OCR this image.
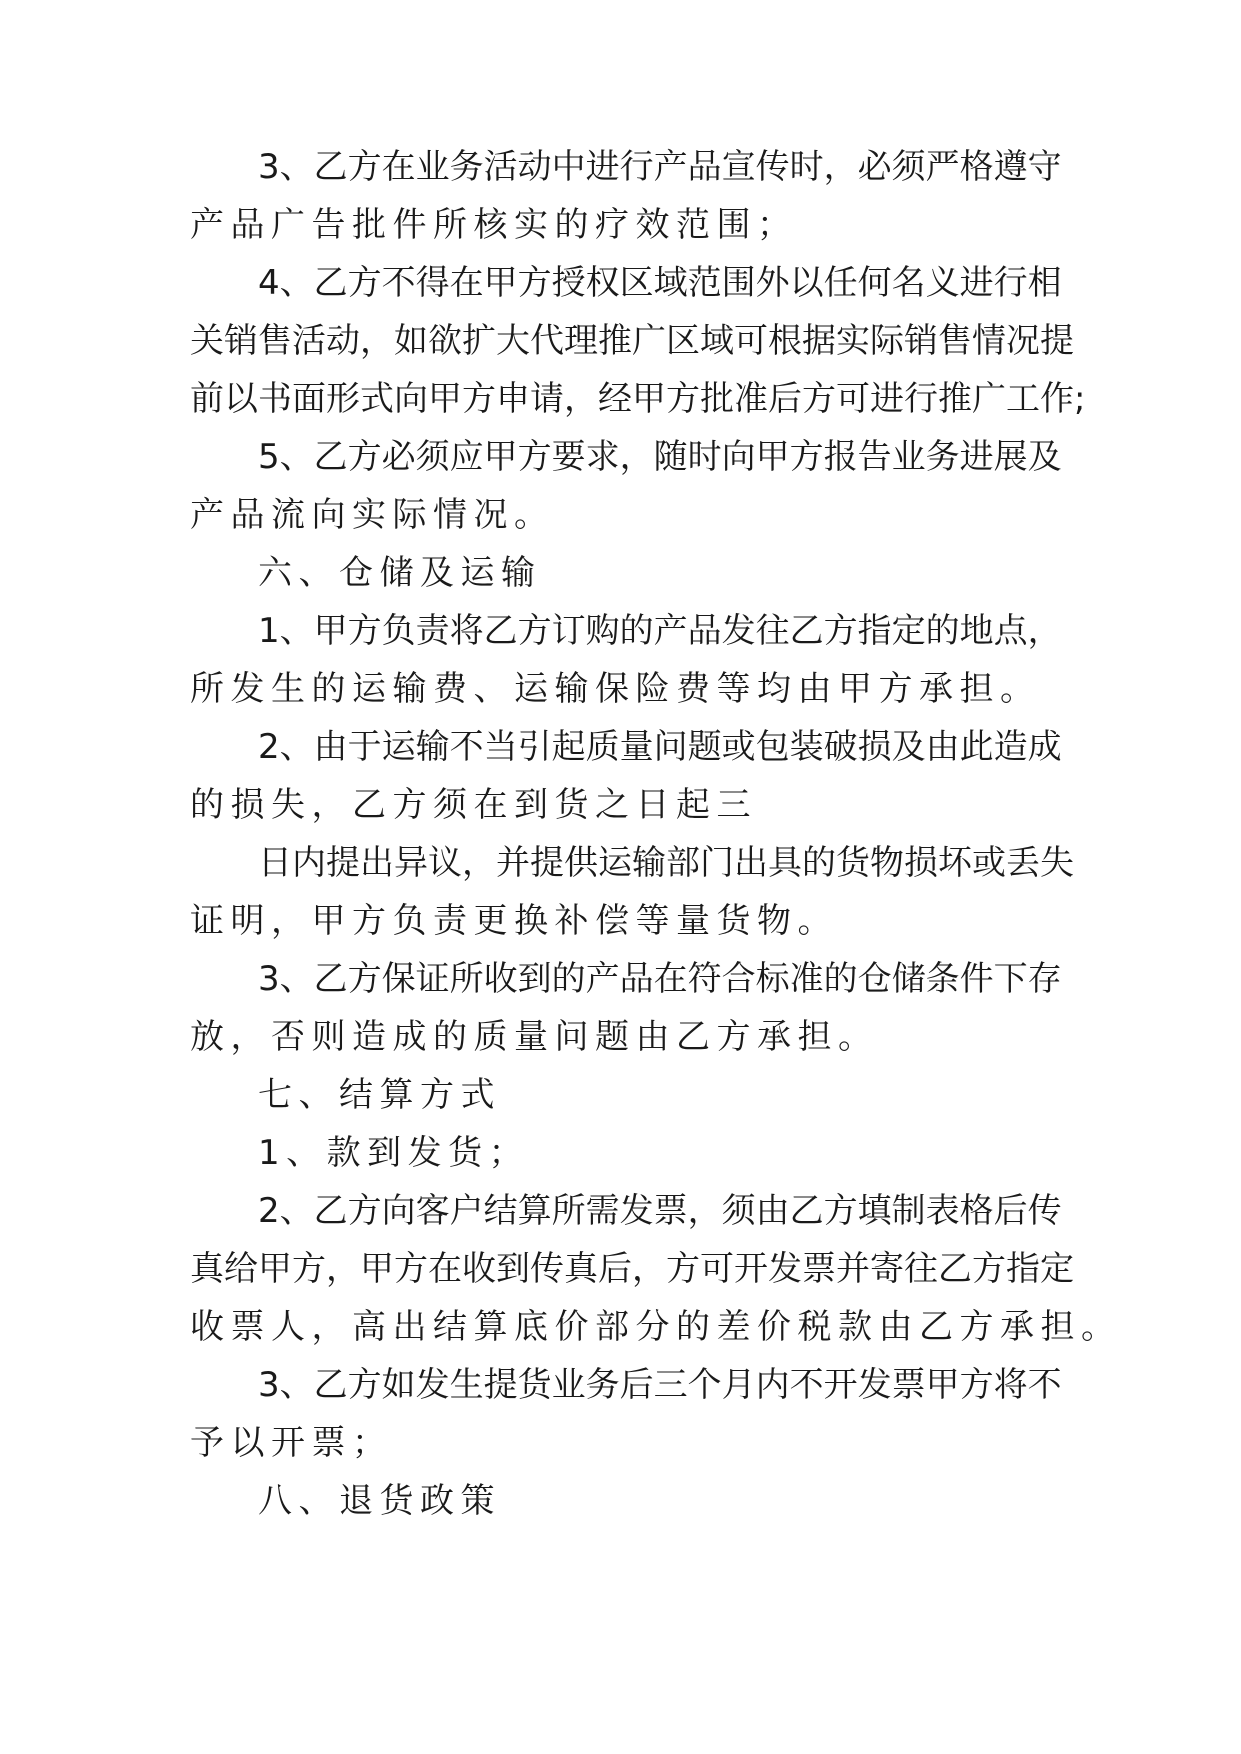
3、乙方在业务活动中进行产品宣传时，必须严格遵守
产品广告批件所核实的疗效范围；
4、乙方不得在甲方授权区域范围外以任何名义进行相
关销售活动，如欲扩大代理推广区域可根据实际销售情况提
前以书面形式向甲方申请，经甲方批准后方可进行推广工作;
5、乙方必须应甲方要求，随时向甲方报告业务进展及
产品流向实际情况。
六、仓储及运输
1、甲方负责将乙方订购的产品发往乙方指定的地点，
所发生的运输费、运输保险费等均由甲方承担。
2、由于运输不当引起质量问题或包装破损及由此造成
的损失，乙方须在到货之日起三
日内提出异议，并提供运输部门出具的货物损坏或丢失
证明，甲方负责更换补偿等量货物。
3、乙方保证所收到的产品在符合标准的仓储条件下存
放，否则造成的质量问题由乙方承担。
七、结算方式
1、款到发货；
2、乙方向客户结算所需发票，须由乙方填制表格后传
真给甲方，甲方在收到传真后，方可开发票并寄往乙方指定
收票人，高出结算底价部分的差价税款由乙方承担。
3、乙方如发生提货业务后三个月内不开发票甲方将不
予以开票；
八、退货政策
